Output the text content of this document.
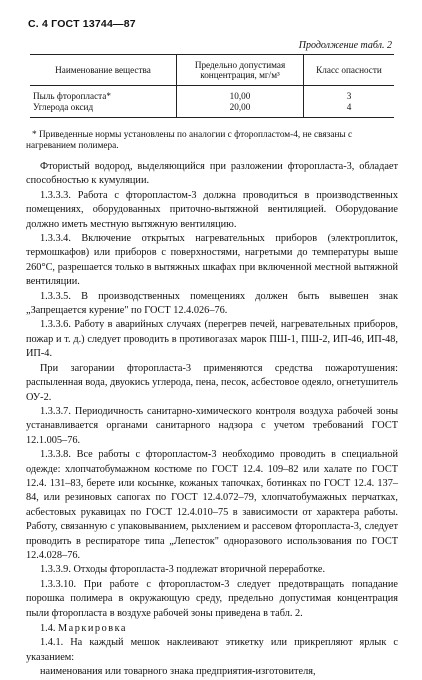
С. 4 ГОСТ 13744—87
Продолжение табл. 2
Наименование вещества	Предельно допустимая концентрация, мг/м³	Класс опасности
Пыль фторопласта*	10,00	3
Углерода оксид	20,00	4
* Приведенные нормы установлены по аналогии с фторопластом-4, не связаны с нагреванием полимера.

Фтористый водород, выделяющийся при разложении фторопласта-3, обладает способностью к кумуляции.

1.3.3.3. Работа с фторопластом-3 должна проводиться в производственных помещениях, оборудованных приточно-вытяжной вентиляцией. Оборудование должно иметь местную вытяжную вентиляцию.

1.3.3.4. Включение открытых нагревательных приборов (электроплиток, термошкафов) или приборов с поверхностями, нагретыми до температуры выше 260°С, разрешается только в вытяжных шкафах при включенной местной вытяжной вентиляции.

1.3.3.5. В производственных помещениях должен быть вывешен знак „Запрещается курение" по ГОСТ 12.4.026–76.

1.3.3.6. Работу в аварийных случаях (перегрев печей, нагревательных приборов, пожар и т. д.) следует проводить в противогазах марок ПШ-1, ПШ-2, ИП-46, ИП-48, ИП-4.

При загорании фторопласта-3 применяются средства пожаротушения: распыленная вода, двуокись углерода, пена, песок, асбестовое одеяло, огнетушитель ОУ-2.

1.3.3.7. Периодичность санитарно-химического контроля воздуха рабочей зоны устанавливается органами санитарного надзора с учетом требований ГОСТ 12.1.005–76.

1.3.3.8. Все работы с фторопластом-3 необходимо проводить в специальной одежде: хлопчатобумажном костюме по ГОСТ 12.4. 109–82 или халате по ГОСТ 12.4. 131–83, берете или косынке, кожаных тапочках, ботинках по ГОСТ 12.4. 137–84, или резиновых сапогах по ГОСТ 12.4.072–79, хлопчатобумажных перчатках, асбестовых рукавицах по ГОСТ 12.4.010–75 в зависимости от характера работы. Работу, связанную с упаковыванием, рыхлением и рассевом фторопласта-3, следует проводить в респираторе типа „Лепесток" одноразового использования по ГОСТ 12.4.028–76.

1.3.3.9. Отходы фторопласта-3 подлежат вторичной переработке.

1.3.3.10. При работе с фторопластом-3 следует предотвращать попадание порошка полимера в окружающую среду, предельно допустимая концентрация пыли фторопласта в воздухе рабочей зоны приведена в табл. 2.

1.4. Маркировка

1.4.1. На каждый мешок наклеивают этикетку или прикрепляют ярлык с указанием:

наименования или товарного знака предприятия-изготовителя,
